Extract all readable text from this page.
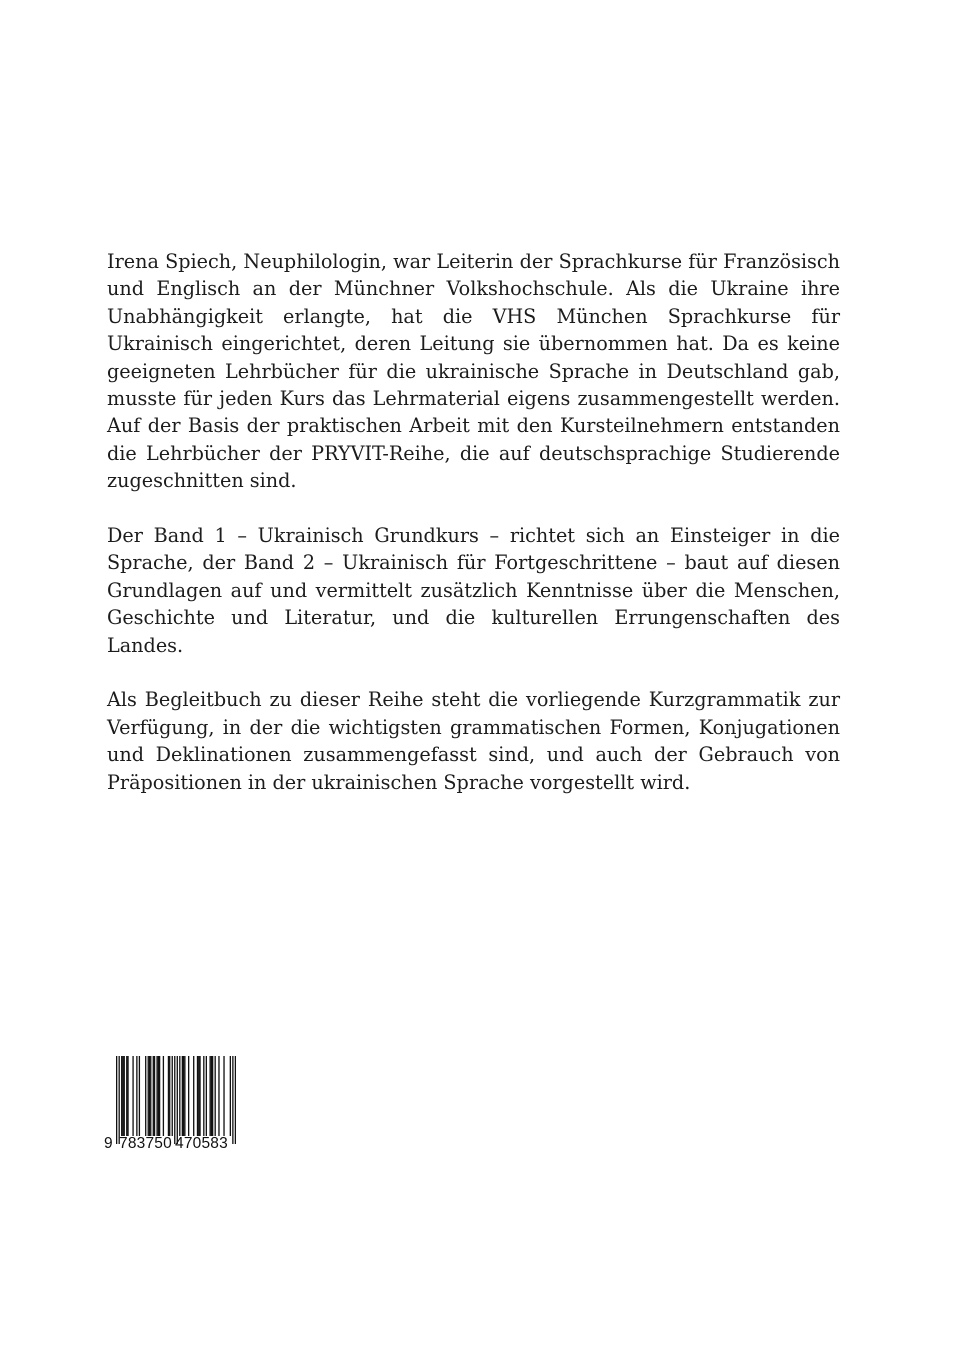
Irena Spiech, Neuphilologin, war Leiterin der Sprachkurse für Französisch und Englisch an der Münchner Volkshochschule. Als die Ukraine ihre Unabhängigkeit erlangte, hat die VHS München Sprachkurse für Ukrainisch eingerichtet, deren Leitung sie übernommen hat. Da es keine geeigneten Lehrbücher für die ukrainische Sprache in Deutschland gab, musste für jeden Kurs das Lehrmaterial eigens zusammengestellt werden. Auf der Basis der praktischen Arbeit mit den Kursteilnehmern entstanden die Lehrbücher der PRYVIT-Reihe, die auf deutschsprachige Studierende zugeschnitten sind.

Der Band 1 – Ukrainisch Grundkurs – richtet sich an Einsteiger in die Sprache, der Band 2 – Ukrainisch für Fortgeschrittene – baut auf diesen Grundlagen auf und vermittelt zusätzlich Kenntnisse über die Menschen, Geschichte und Literatur, und die kulturellen Errungenschaften des Landes.

Als Begleitbuch zu dieser Reihe steht die vorliegende Kurzgrammatik zur Verfügung, in der die wichtigsten grammatischen Formen, Konjugationen und Deklinationen zusammengefasst sind, und auch der Gebrauch von Präpositionen in der ukrainischen Sprache vorgestellt wird.

9 783750 470583
